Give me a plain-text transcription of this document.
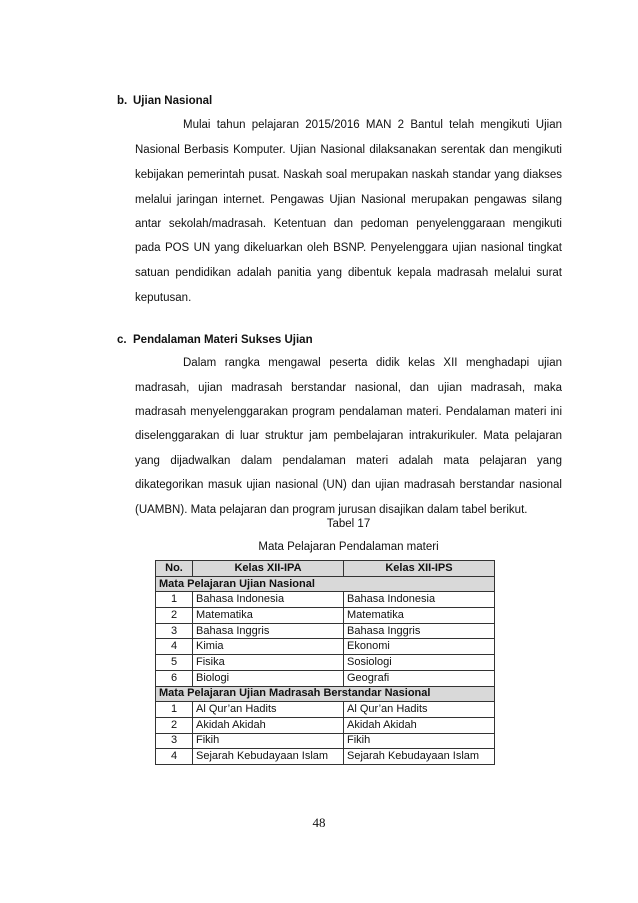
b. Ujian Nasional
Mulai tahun pelajaran 2015/2016 MAN 2 Bantul telah mengikuti Ujian
Nasional Berbasis Komputer. Ujian Nasional dilaksanakan serentak dan mengikuti
kebijakan pemerintah pusat. Naskah soal merupakan naskah standar yang diakses
melalui jaringan internet. Pengawas Ujian Nasional merupakan pengawas silang
antar sekolah/madrasah. Ketentuan dan pedoman penyelenggaraan mengikuti
pada POS UN yang dikeluarkan oleh BSNP. Penyelenggara ujian nasional tingkat
satuan pendidikan adalah panitia yang dibentuk kepala madrasah melalui surat
keputusan.
c. Pendalaman Materi Sukses Ujian
Dalam rangka mengawal peserta didik kelas XII menghadapi ujian
madrasah, ujian madrasah berstandar nasional, dan ujian madrasah, maka
madrasah menyelenggarakan program pendalaman materi. Pendalaman materi ini
diselenggarakan di luar struktur jam pembelajaran intrakurikuler. Mata pelajaran
yang dijadwalkan dalam pendalaman materi adalah mata pelajaran yang
dikategorikan masuk ujian nasional (UN) dan ujian madrasah berstandar nasional
(UAMBN). Mata pelajaran dan program jurusan disajikan dalam tabel berikut.
Tabel 17
Mata Pelajaran Pendalaman materi
No.	Kelas XII-IPA	Kelas XII-IPS
Mata Pelajaran Ujian Nasional		
1	Bahasa Indonesia	Bahasa Indonesia
2	Matematika	Matematika
3	Bahasa Inggris	Bahasa Inggris
4	Kimia	Ekonomi
5	Fisika	Sosiologi
6	Biologi	Geografi
Mata Pelajaran Ujian Madrasah Berstandar Nasional		
1	Al Qur’an Hadits	Al Qur’an Hadits
2	Akidah Akidah	Akidah Akidah
3	Fikih	Fikih
4	Sejarah Kebudayaan Islam	Sejarah Kebudayaan Islam
48
